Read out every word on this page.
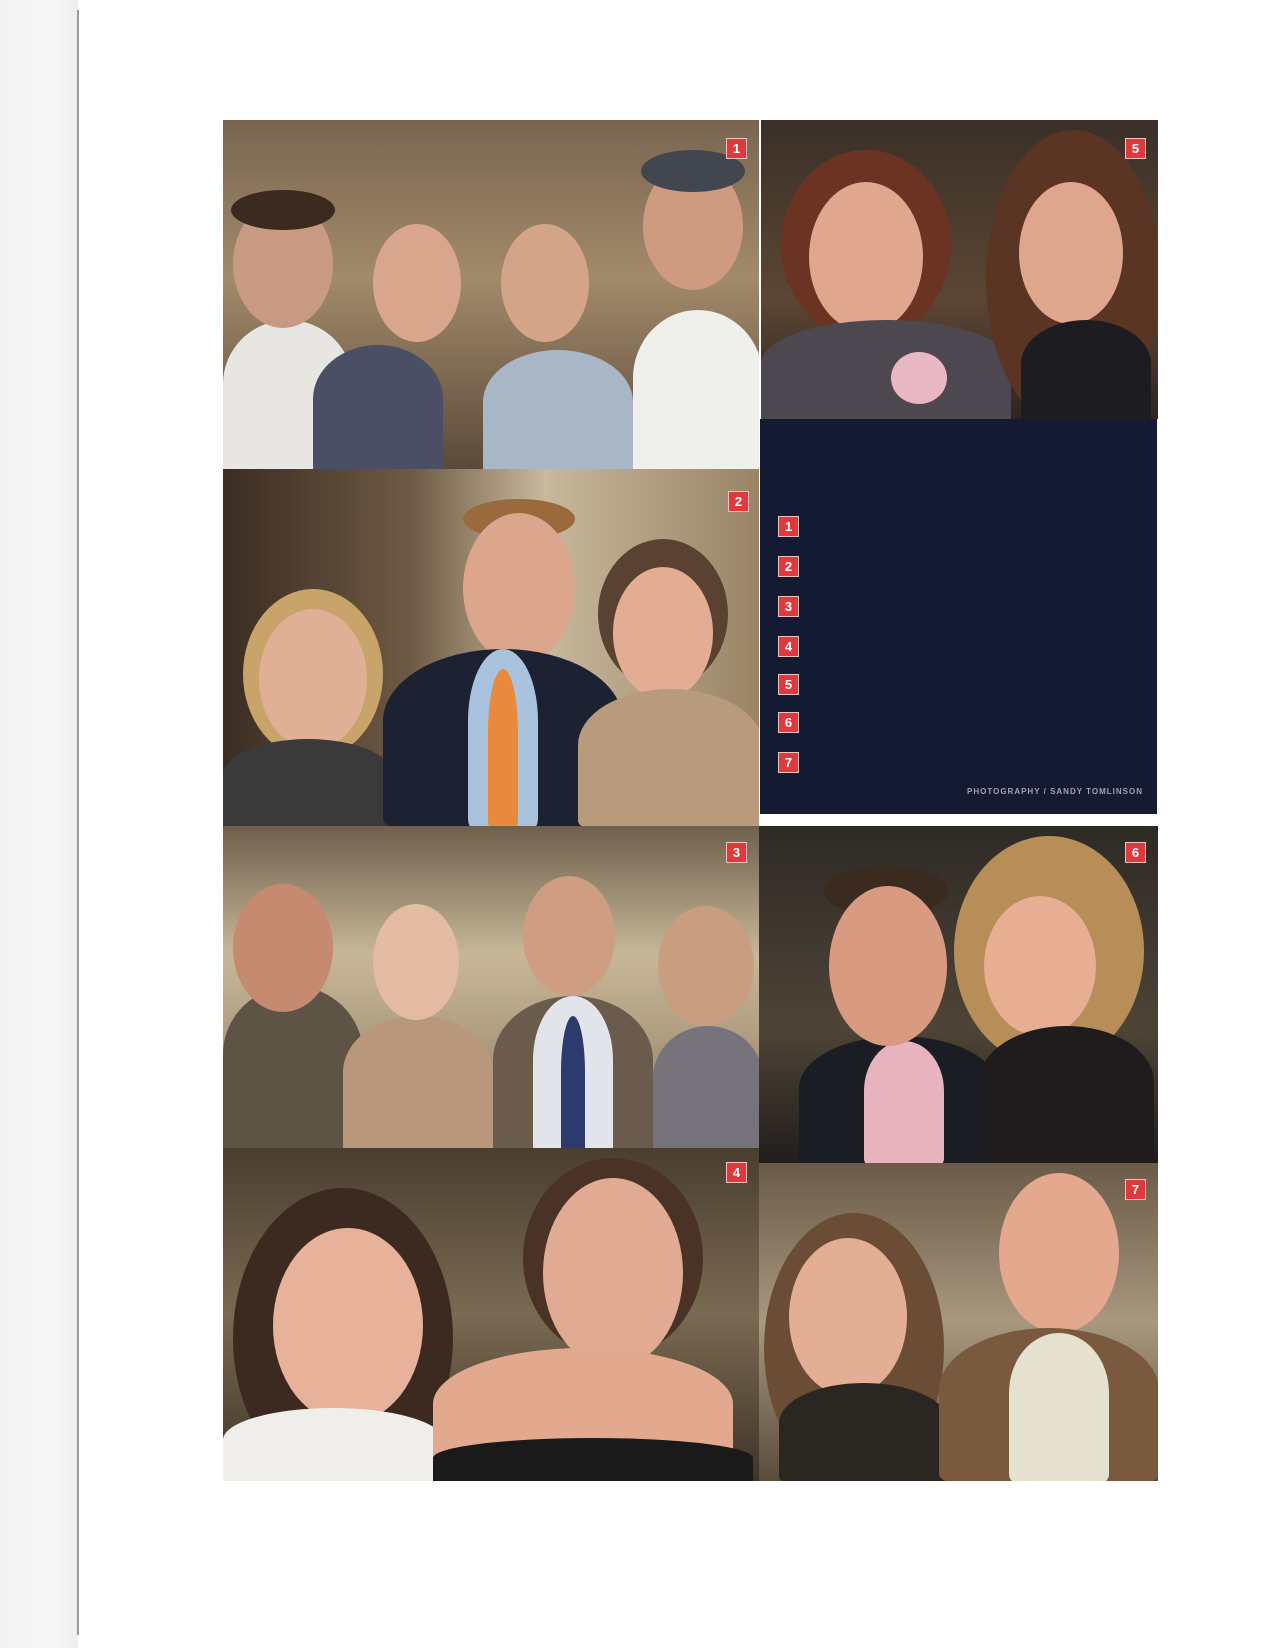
1	5
1
2
3
4
5
6
7
PHOTOGRAPHY / SANDY TOMLINSON
2
3	6
4
7
